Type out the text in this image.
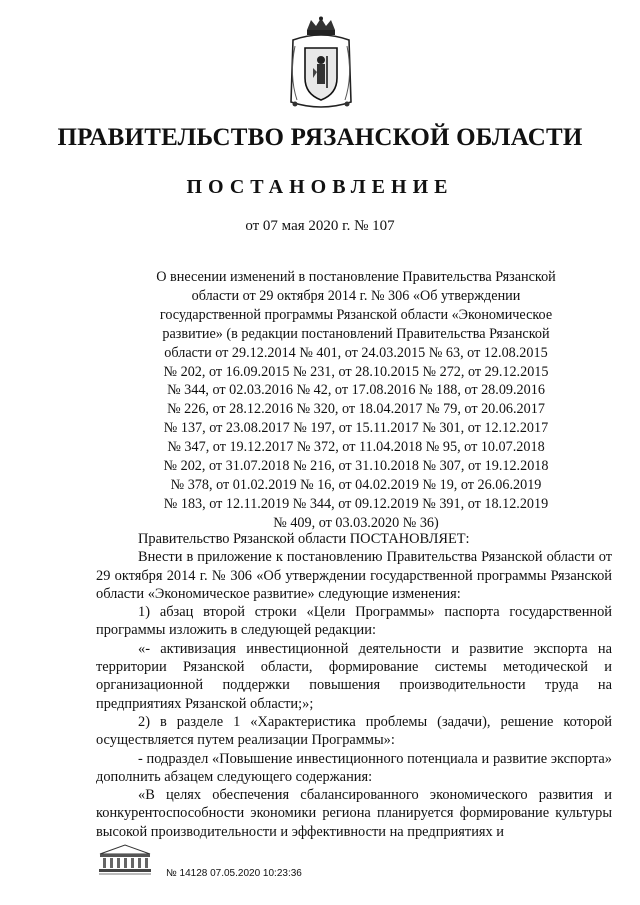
ПРАВИТЕЛЬСТВО РЯЗАНСКОЙ ОБЛАСТИ
ПОСТАНОВЛЕНИЕ
от 07 мая 2020 г. № 107
О внесении изменений в постановление Правительства Рязанской
области от 29 октября 2014 г. № 306 «Об утверждении
государственной программы Рязанской области «Экономическое
развитие» (в редакции постановлений Правительства Рязанской
области от 29.12.2014 № 401, от 24.03.2015 № 63, от 12.08.2015
№ 202, от 16.09.2015 № 231, от 28.10.2015 № 272, от 29.12.2015
№ 344, от 02.03.2016 № 42, от 17.08.2016 № 188, от 28.09.2016
№ 226, от 28.12.2016 № 320, от 18.04.2017 № 79, от 20.06.2017
№ 137, от 23.08.2017 № 197, от 15.11.2017 № 301, от 12.12.2017
№ 347, от 19.12.2017 № 372, от 11.04.2018 № 95, от 10.07.2018
№ 202, от 31.07.2018 № 216, от 31.10.2018 № 307, от 19.12.2018
№ 378, от 01.02.2019 № 16, от 04.02.2019 № 19, от 26.06.2019
№ 183, от 12.11.2019 № 344, от 09.12.2019 № 391, от 18.12.2019
№ 409, от 03.03.2020 № 36)

Правительство Рязанской области ПОСТАНОВЛЯЕТ:

Внести в приложение к постановлению Правительства Рязанской области от 29 октября 2014 г. № 306 «Об утверждении государственной программы Рязанской области «Экономическое развитие» следующие изменения:

1) абзац второй строки «Цели Программы» паспорта государственной программы изложить в следующей редакции:

«- активизация инвестиционной деятельности и развитие экспорта на территории Рязанской области, формирование системы методической и организационной поддержки повышения производительности труда на предприятиях Рязанской области;»;

2) в разделе 1 «Характеристика проблемы (задачи), решение которой осуществляется путем реализации Программы»:

- подраздел «Повышение инвестиционного потенциала и развитие экспорта» дополнить абзацем следующего содержания:

«В целях обеспечения сбалансированного экономического развития и конкурентоспособности экономики региона планируется формирование культуры высокой производительности и эффективности на предприятиях и

№ 14128 07.05.2020 10:23:36
